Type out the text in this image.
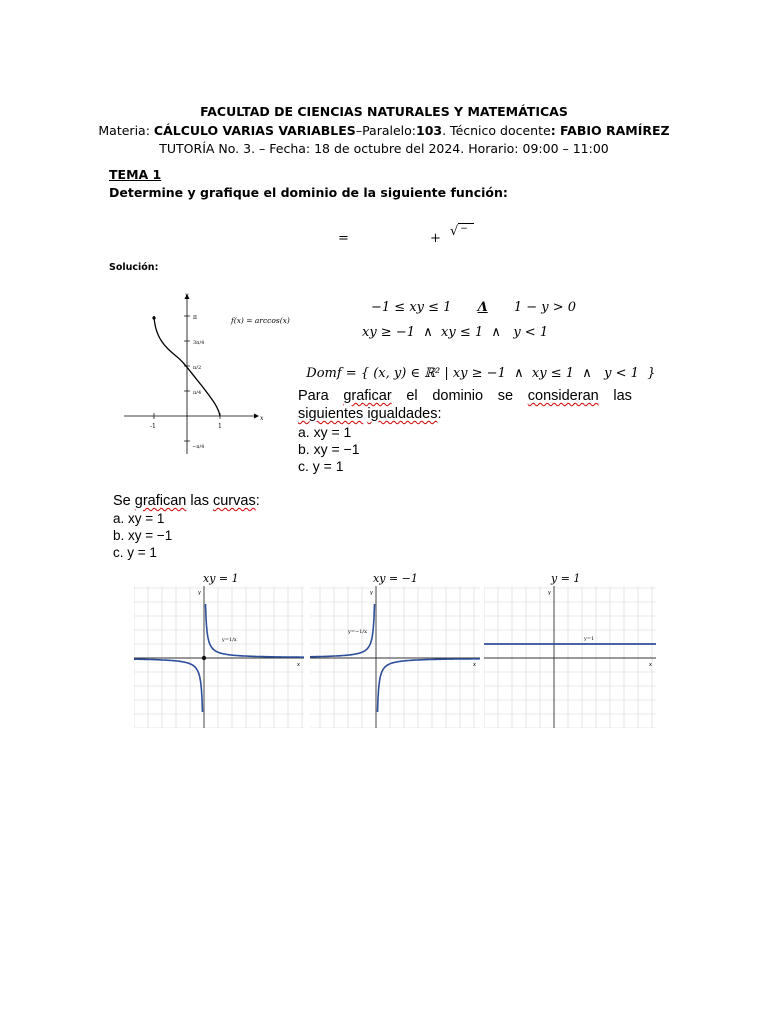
FACULTAD DE CIENCIAS NATURALES Y MATEMÁTICAS
Materia: CÁLCULO VARIAS VARIABLES–Paralelo:103. Técnico docente: FABIO RAMÍREZ
TUTORÍA No. 3. – Fecha: 18 de octubre del 2024. Horario: 09:00 – 11:00
TEMA 1
Determine y grafique el dominio de la siguiente función:
=	+ √ −
Solución:
y
x
π
3π/4
π/2
π/4
−π/4
-1	1
f(x) = arccos(x)
−1 ≤ xy ≤ 1 Λ 1 − y > 0
xy ≥ −1  ∧  xy ≤ 1  ∧   y < 1

Domf = { (x, y) ∈ ℝ² | xy ≥ −1  ∧  xy ≤ 1  ∧   y < 1  }

Para graficar el dominio se consideran las
siguientes igualdades:
a. xy = 1
b. xy = −1
c. y = 1
Se grafican las curvas:
a. xy = 1
b. xy = −1
c. y = 1
xy = 1	xy = −1	y = 1
x
y
y=1/x
x
y
y=−1/x
x
y
y=1
